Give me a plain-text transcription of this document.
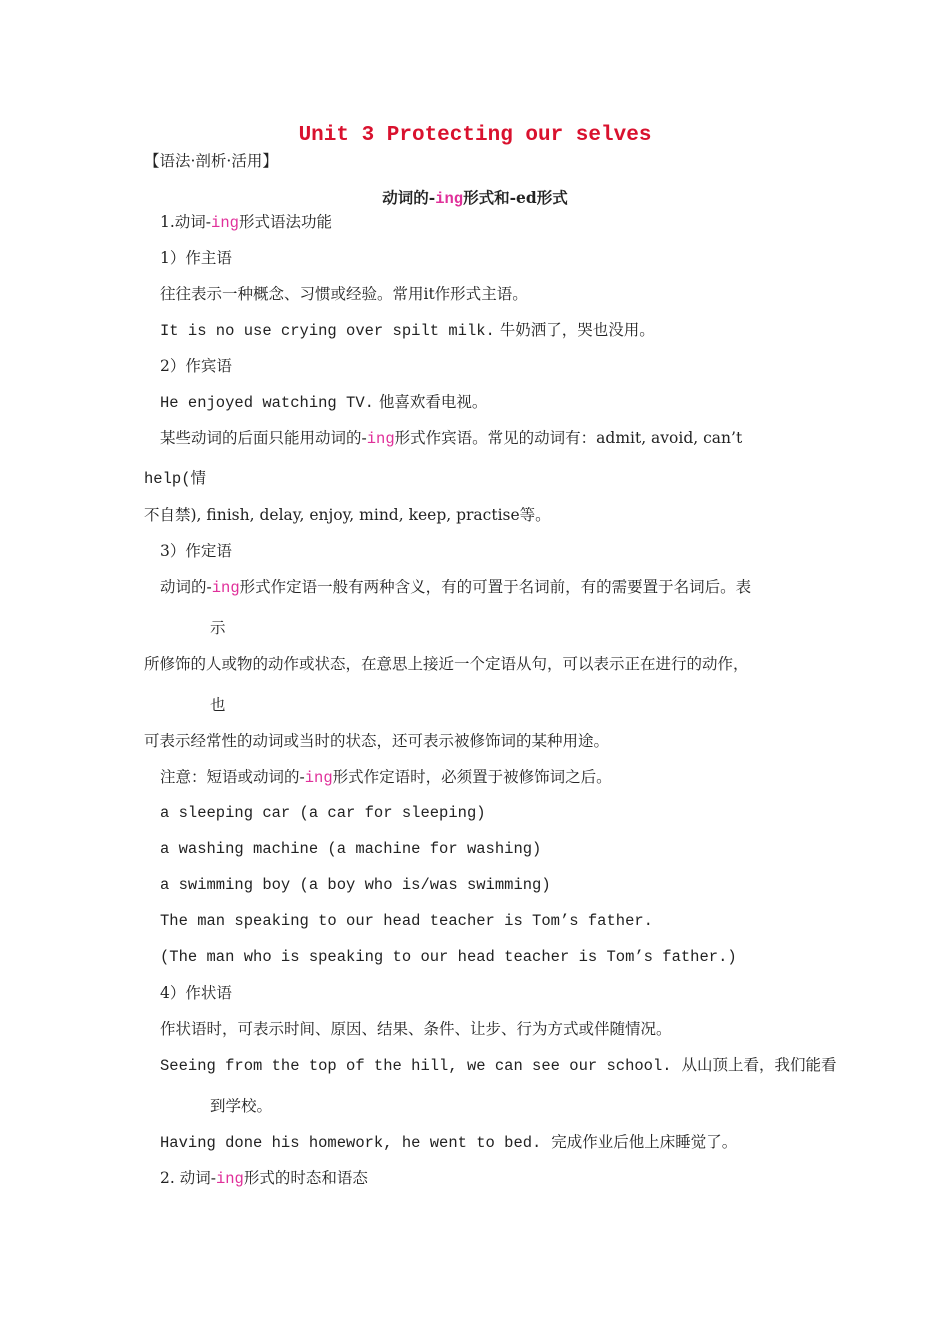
Unit 3 Protecting our selves
【语法·剖析·活用】
动词的-ing形式和-ed形式
1.动词-ing形式语法功能
1）作主语
往往表示一种概念、习惯或经验。常用it作形式主语。
It is no use crying over spilt milk. 牛奶洒了，哭也没用。
2）作宾语
He enjoyed watching TV. 他喜欢看电视。
某些动词的后面只能用动词的-ing形式作宾语。常见的动词有：admit, avoid, can’t
help(情
不自禁), finish, delay, enjoy, mind, keep, practise等。
3）作定语
动词的-ing形式作定语一般有两种含义，有的可置于名词前，有的需要置于名词后。表
示
所修饰的人或物的动作或状态，在意思上接近一个定语从句，可以表示正在进行的动作，
也
可表示经常性的动词或当时的状态，还可表示被修饰词的某种用途。
注意：短语或动词的-ing形式作定语时，必须置于被修饰词之后。
a sleeping car (a car for sleeping)
a washing machine (a machine for washing)
a swimming boy (a boy who is/was swimming)
The man speaking to our head teacher is Tom’s father.
(The man who is speaking to our head teacher is Tom’s father.)
4）作状语
作状语时，可表示时间、原因、结果、条件、让步、行为方式或伴随情况。
Seeing from the top of the hill, we can see our school. 从山顶上看，我们能看
到学校。
Having done his homework, he went to bed. 完成作业后他上床睡觉了。
2. 动词-ing形式的时态和语态
